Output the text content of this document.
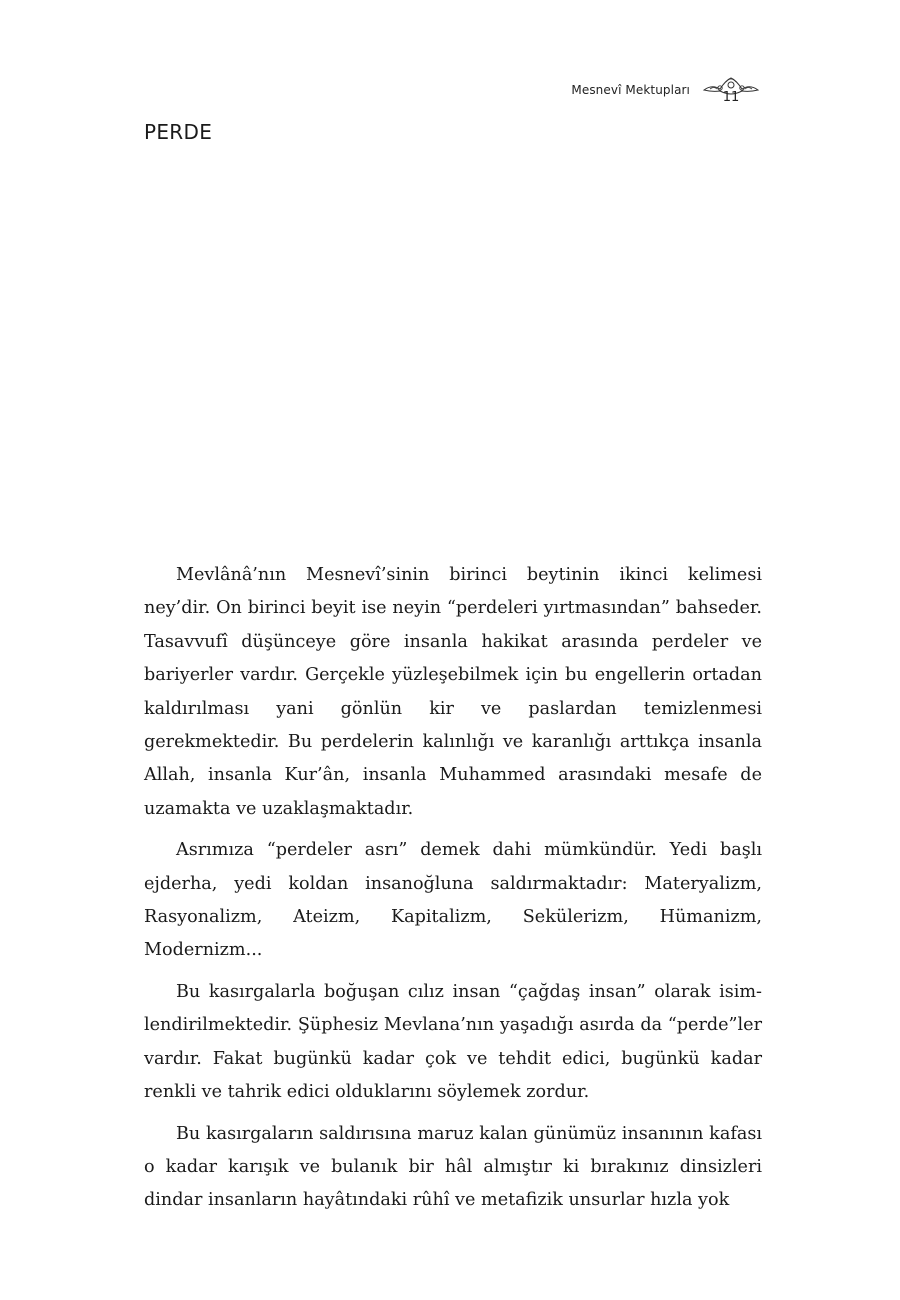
Mesnevî Mektupları	11
PERDE

Mevlânâ’nın Mesnevî’sinin birinci beytinin ikinci kelimesi ney’dir. On birinci beyit ise neyin “perdeleri yırtmasından” bahseder. Tasavvufî düşünceye göre insanla hakikat arasında perdeler ve bariyerler vardır. Gerçekle yüzleşebilmek için bu engellerin ortadan kaldırılması yani gönlün kir ve paslardan temizlenmesi gerekmektedir. Bu perdelerin kalınlığı ve karanlığı arttıkça insanla Allah, insanla Kur’ân, insanla Muhammed arasındaki mesafe de uzamakta ve uzaklaşmaktadır.

Asrımıza “perdeler asrı” demek dahi mümkündür. Yedi başlı ejderha, yedi koldan insanoğluna saldırmaktadır: Materyalizm, Rasyonalizm, Ateizm, Kapitalizm, Sekülerizm, Hümanizm, Modernizm...

Bu kasırgalarla boğuşan cılız insan “çağdaş insan” olarak isimlendirilmektedir. Şüphesiz Mevlana’nın yaşadığı asırda da “perde”ler vardır. Fakat bugünkü kadar çok ve tehdit edici, bugünkü kadar renkli ve tahrik edici olduklarını söylemek zordur.

Bu kasırgaların saldırısına maruz kalan günümüz insanının kafası o kadar karışık ve bulanık bir hâl almıştır ki bırakınız dinsizleri dindar insanların hayâtındaki rûhî ve metafizik unsurlar hızla yok
